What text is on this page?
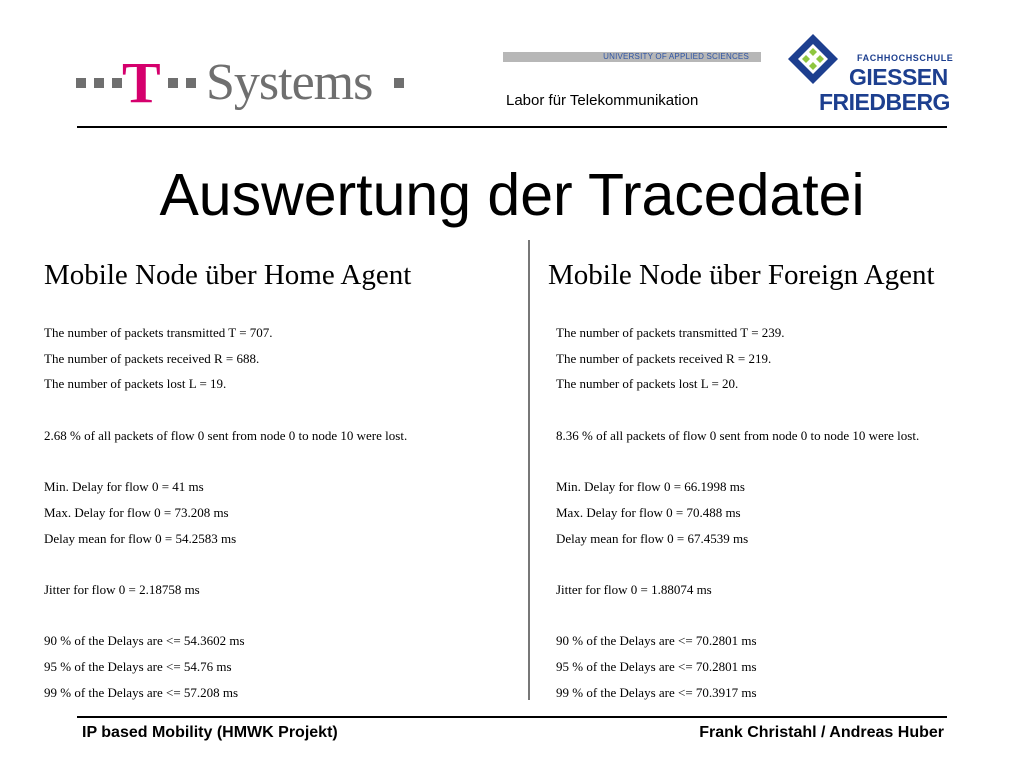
T Systems	UNIVERSITY OF APPLIED SCIENCES
Labor für Telekommunikation
FACHHOCHSCHULE
GIESSEN
FRIEDBERG
Auswertung der Tracedatei
Mobile Node über Home Agent	Mobile Node über Foreign Agent
The number of packets transmitted T = 707.
The number of packets received R = 688.
The number of packets lost L = 19.
2.68 % of all packets of flow 0 sent from node 0 to node 10 were lost.
Min. Delay for flow 0 = 41 ms
Max. Delay for flow 0 = 73.208 ms
Delay mean for flow 0 = 54.2583 ms
Jitter for flow 0 = 2.18758 ms
90 % of the Delays are <= 54.3602 ms
95 % of the Delays are <= 54.76 ms
99 % of the Delays are <= 57.208 ms
The number of packets transmitted T = 239.
The number of packets received R = 219.
The number of packets lost L = 20.
8.36 % of all packets of flow 0 sent from node 0 to node 10 were lost.
Min. Delay for flow 0 = 66.1998 ms
Max. Delay for flow 0 = 70.488 ms
Delay mean for flow 0 = 67.4539 ms
Jitter for flow 0 = 1.88074 ms
90 % of the Delays are <= 70.2801 ms
95 % of the Delays are <= 70.2801 ms
99 % of the Delays are <= 70.3917 ms
IP based Mobility (HMWK Projekt)	Frank Christahl / Andreas Huber
